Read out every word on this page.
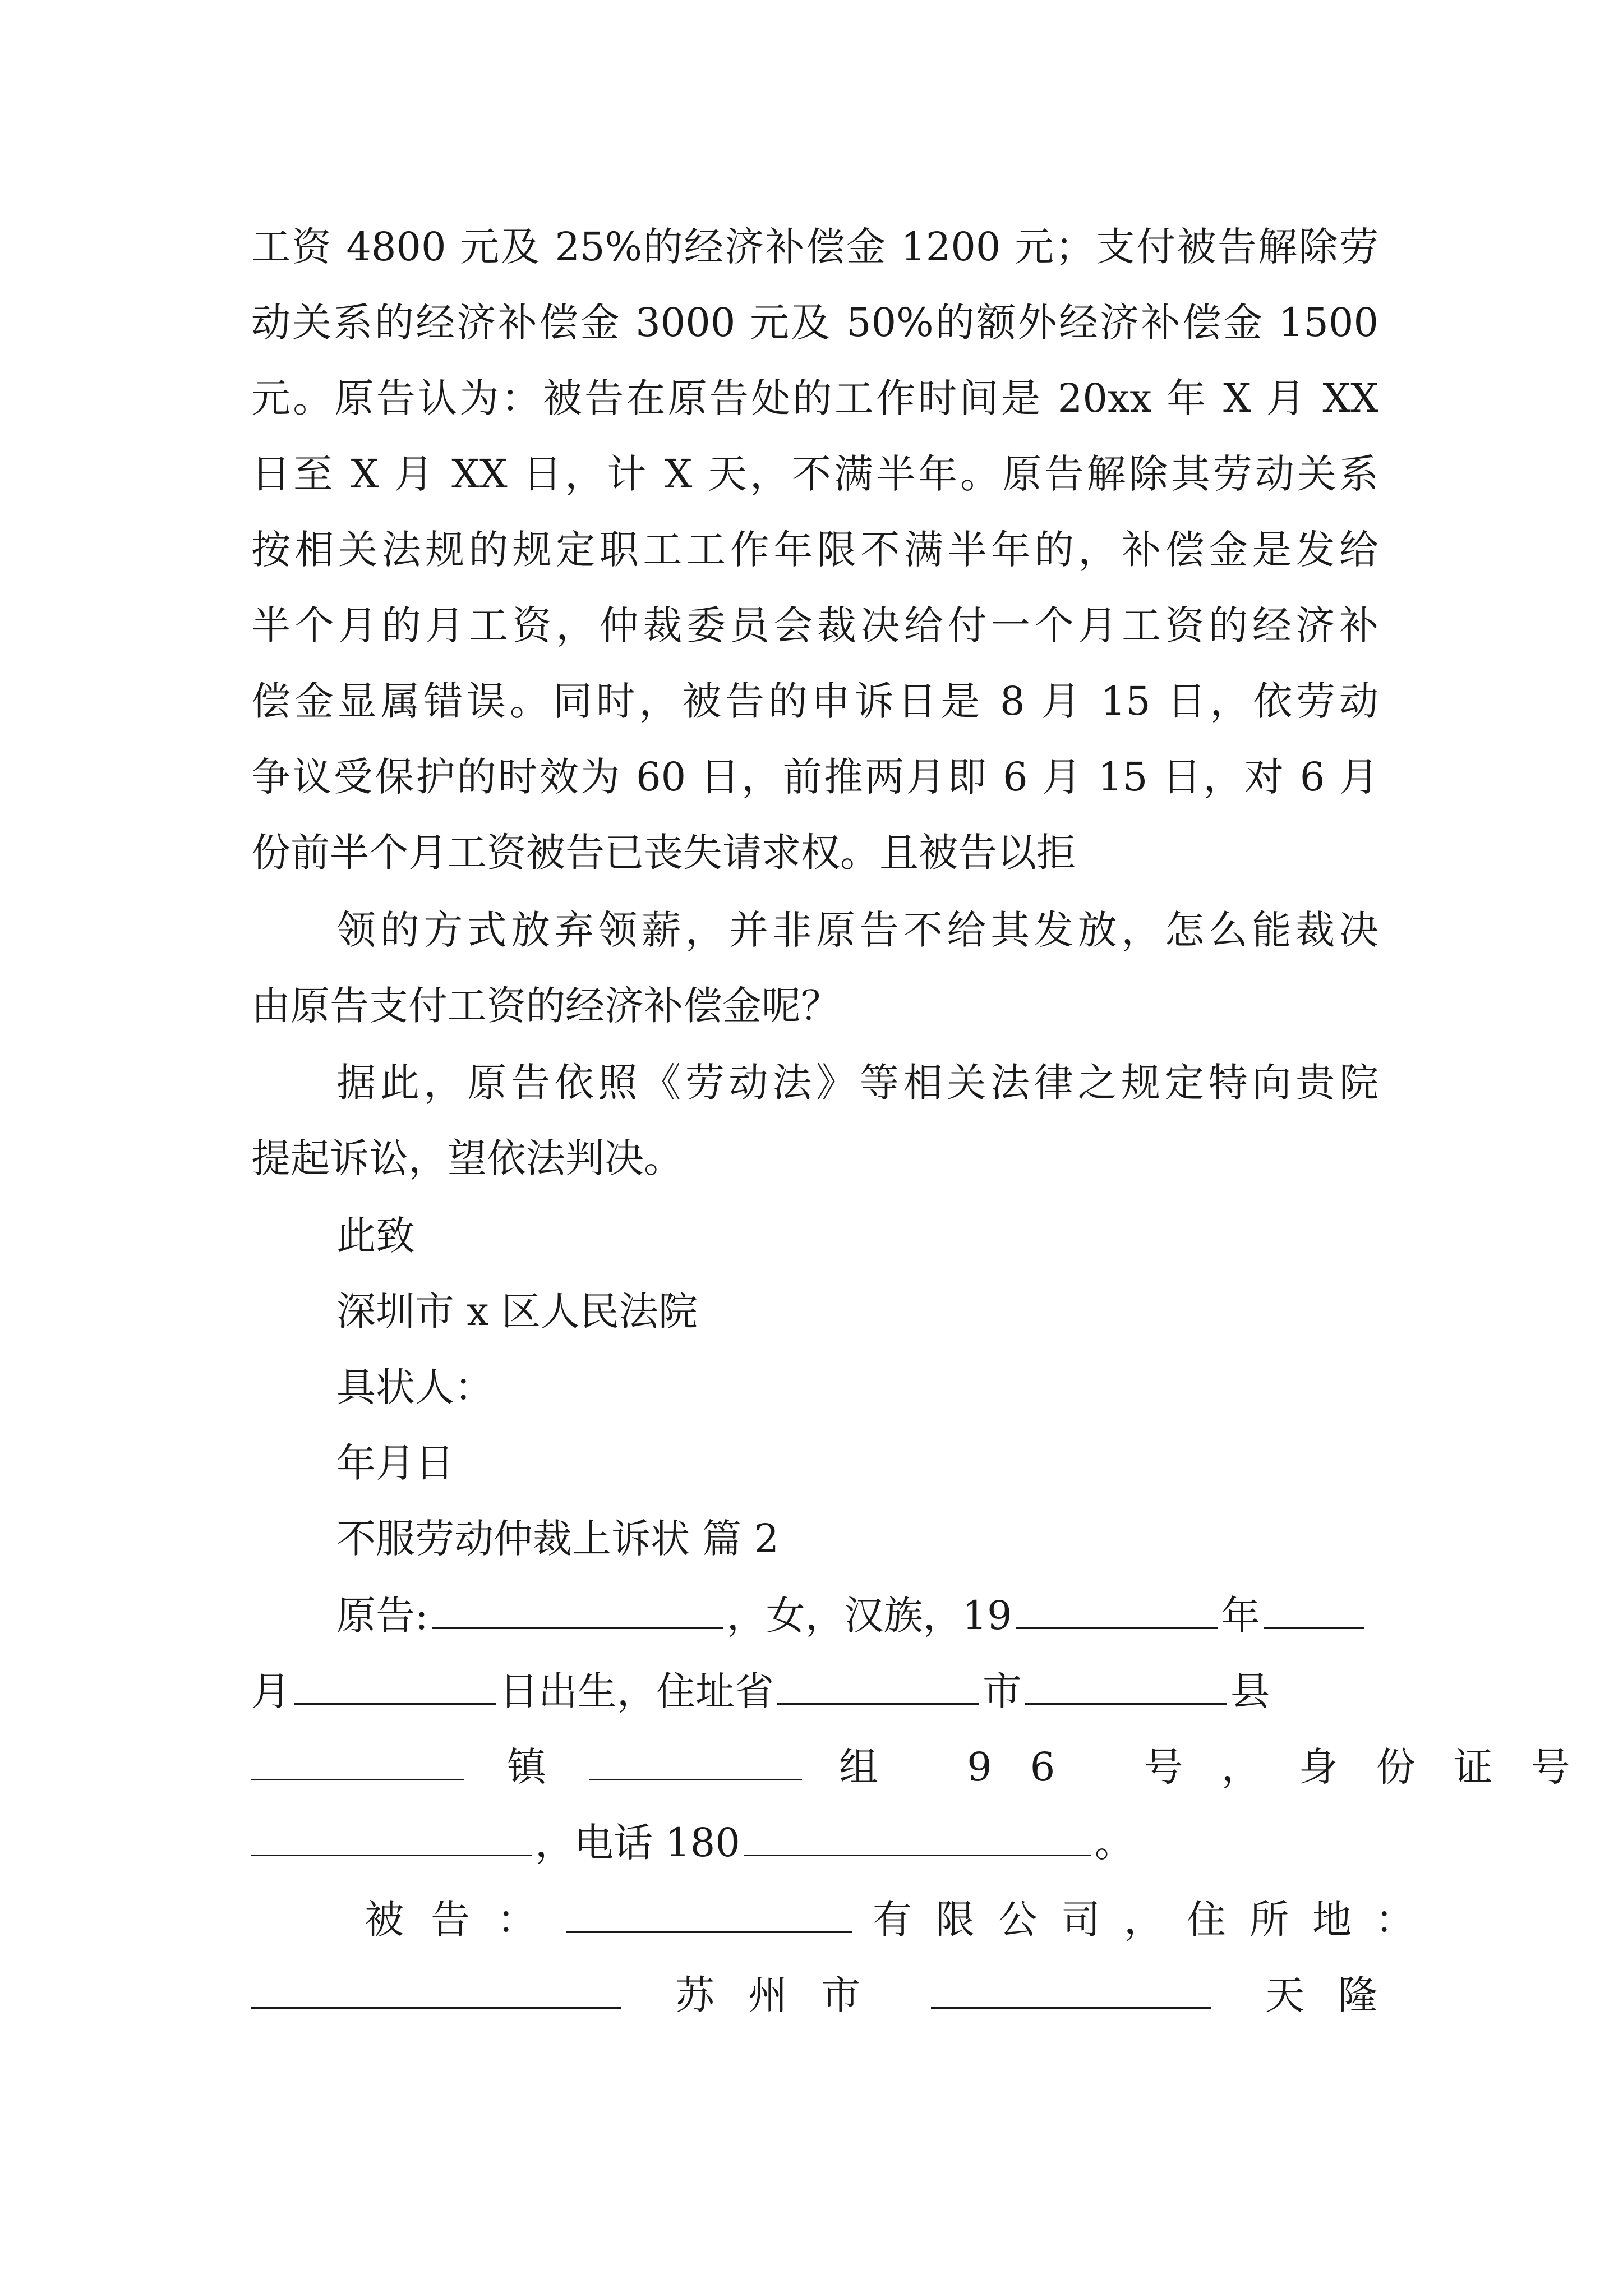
工资 4800 元及 25%的经济补偿金 1200 元；支付被告解除劳
动关系的经济补偿金 3000 元及 50%的额外经济补偿金 1500
元。原告认为：被告在原告处的工作时间是 20xx 年 X 月 XX
日至 X 月 XX 日，计 X 天，不满半年。原告解除其劳动关系
按相关法规的规定职工工作年限不满半年的，补偿金是发给
半个月的月工资，仲裁委员会裁决给付一个月工资的经济补
偿金显属错误。同时，被告的申诉日是 8 月 15 日，依劳动
争议受保护的时效为 60 日，前推两月即 6 月 15 日，对 6 月
份前半个月工资被告已丧失请求权。且被告以拒
领的方式放弃领薪，并非原告不给其发放，怎么能裁决
由原告支付工资的经济补偿金呢？
据此，原告依照《劳动法》等相关法律之规定特向贵院
提起诉讼，望依法判决。
此致
深圳市 x 区人民法院
具状人：
年月日
不服劳动仲裁上诉状 篇 2
原告:	，女，汉族，19	年
月	日出生，住址省	市	县
镇	组 96 号，身份证号
，电话 180	。
被告：	有限公司，住所地：
苏州市	天隆
